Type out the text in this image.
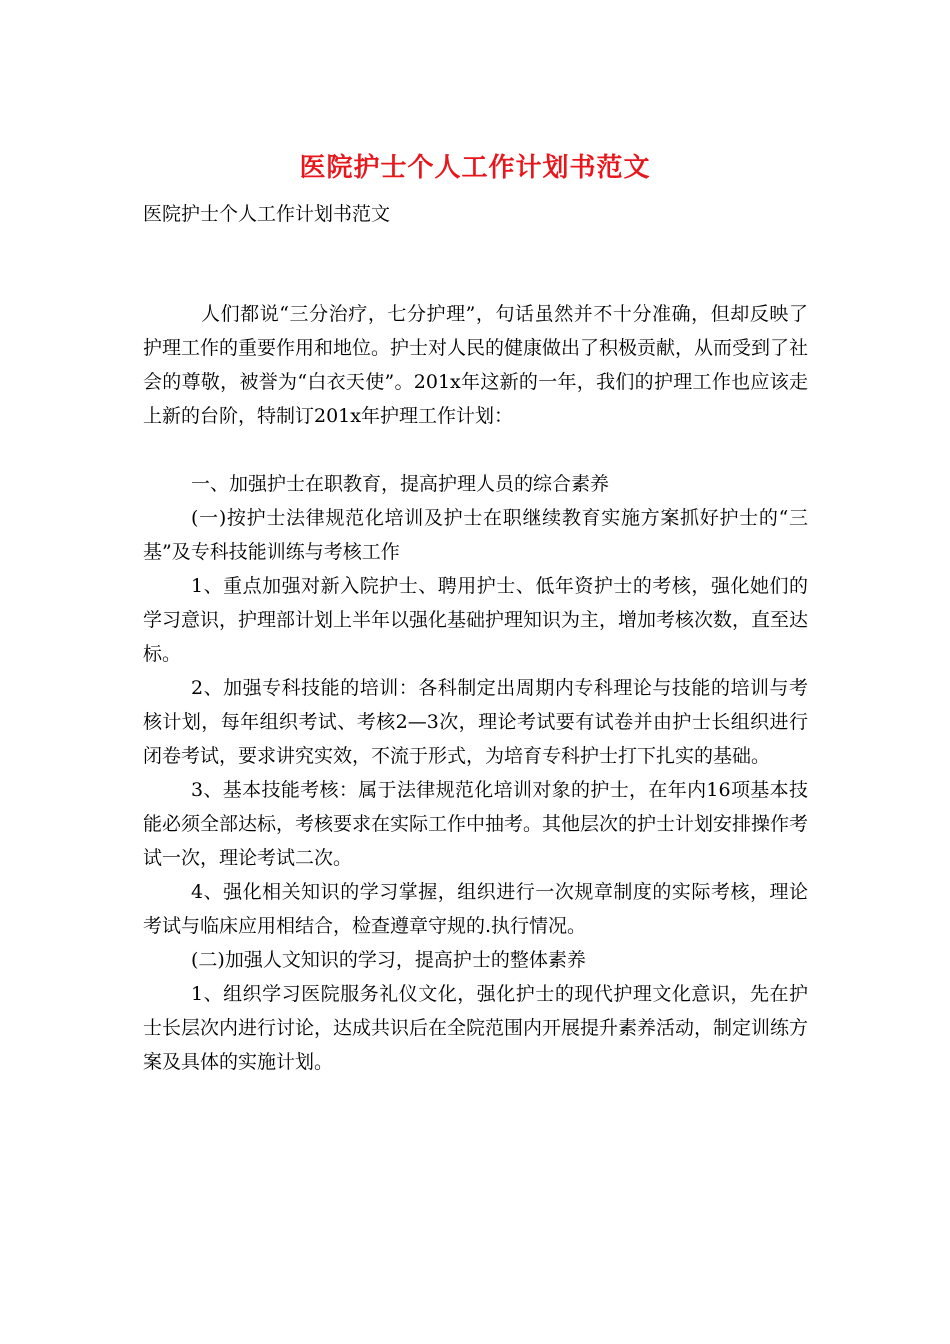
医院护士个人工作计划书范文
医院护士个人工作计划书范文

人们都说“三分治疗，七分护理”，句话虽然并不十分准确，但却反映了护理工作的重要作用和地位。护士对人民的健康做出了积极贡献，从而受到了社会的尊敬，被誉为“白衣天使”。201x年这新的一年，我们的护理工作也应该走上新的台阶，特制订201x年护理工作计划：

一、加强护士在职教育，提高护理人员的综合素养

(一)按护士法律规范化培训及护士在职继续教育实施方案抓好护士的“三基”及专科技能训练与考核工作

1、重点加强对新入院护士、聘用护士、低年资护士的考核，强化她们的学习意识，护理部计划上半年以强化基础护理知识为主，增加考核次数，直至达标。

2、加强专科技能的培训：各科制定出周期内专科理论与技能的培训与考核计划，每年组织考试、考核2—3次，理论考试要有试卷并由护士长组织进行闭卷考试，要求讲究实效，不流于形式，为培育专科护士打下扎实的基础。

3、基本技能考核：属于法律规范化培训对象的护士，在年内16项基本技能必须全部达标，考核要求在实际工作中抽考。其他层次的护士计划安排操作考试一次，理论考试二次。

4、强化相关知识的学习掌握，组织进行一次规章制度的实际考核，理论考试与临床应用相结合，检查遵章守规的.执行情况。

(二)加强人文知识的学习，提高护士的整体素养

1、组织学习医院服务礼仪文化，强化护士的现代护理文化意识，先在护士长层次内进行讨论，达成共识后在全院范围内开展提升素养活动，制定训练方案及具体的实施计划。
